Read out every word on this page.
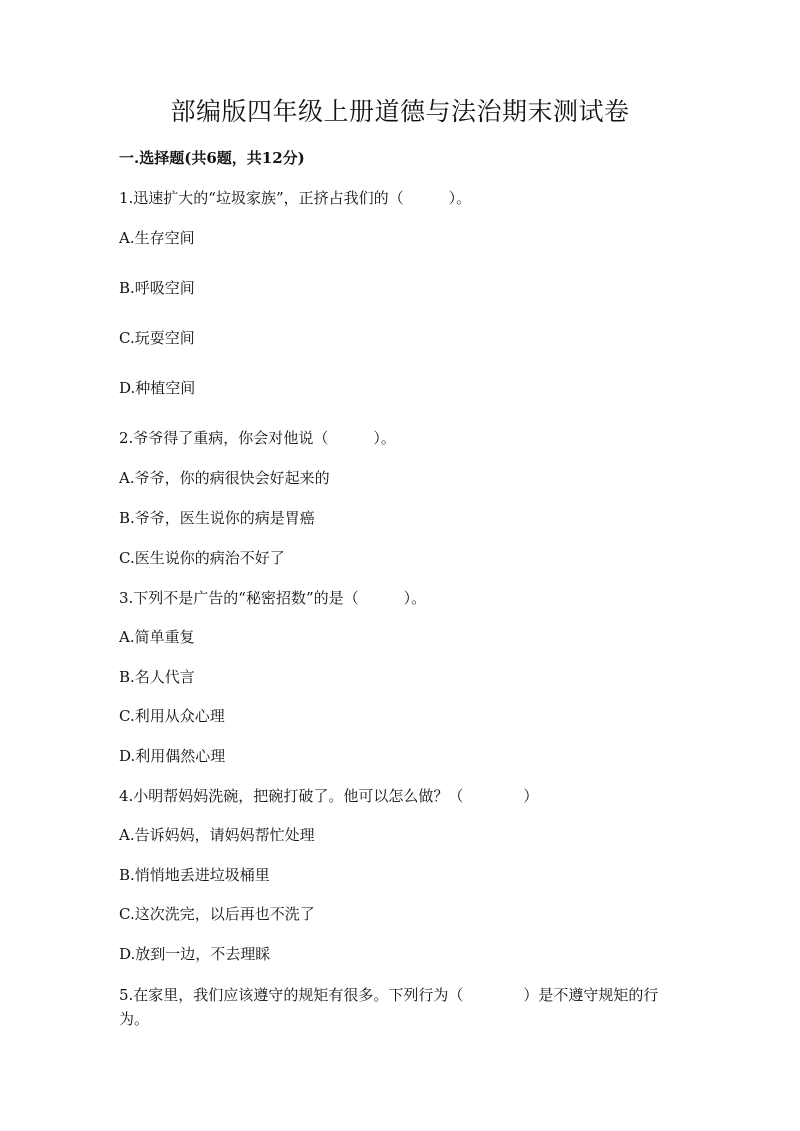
部编版四年级上册道德与法治期末测试卷
一.选择题(共6题，共12分)
1.迅速扩大的“垃圾家族”，正挤占我们的（　　　）。
A.生存空间
B.呼吸空间
C.玩耍空间
D.种植空间
2.爷爷得了重病，你会对他说（　　　）。
A.爷爷，你的病很快会好起来的
B.爷爷，医生说你的病是胃癌
C.医生说你的病治不好了
3.下列不是广告的“秘密招数”的是（　　　）。
A.简单重复
B.名人代言
C.利用从众心理
D.利用偶然心理
4.小明帮妈妈洗碗，把碗打破了。他可以怎么做？（　　　　）
A.告诉妈妈，请妈妈帮忙处理
B.悄悄地丢进垃圾桶里
C.这次洗完，以后再也不洗了
D.放到一边，不去理睬
5.在家里，我们应该遵守的规矩有很多。下列行为（　　　　）是不遵守规矩的行为。
